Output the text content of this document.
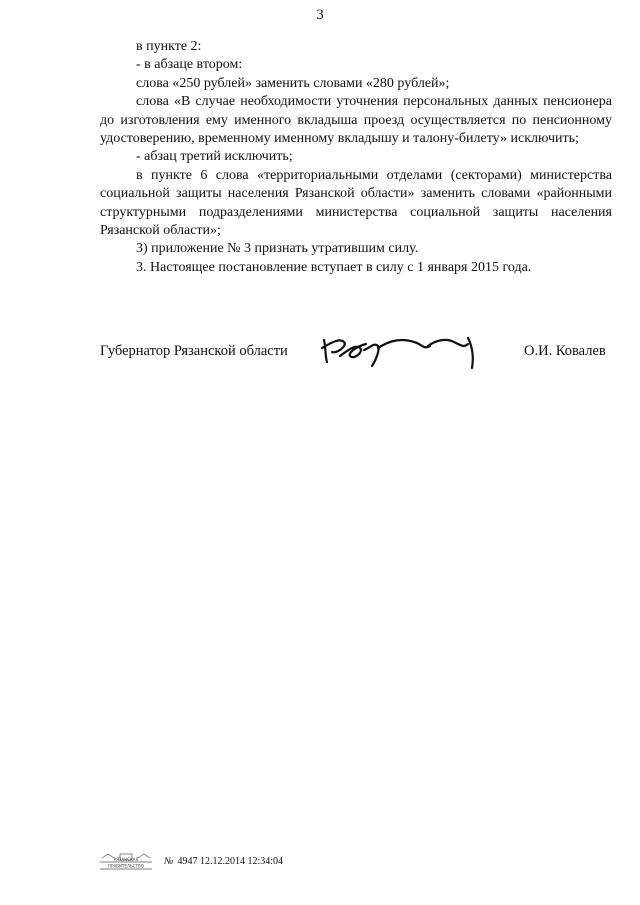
3

в пункте 2:

- в абзаце втором:

слова «250 рублей» заменить словами «280 рублей»;

слова «В случае необходимости уточнения персональных данных пенсионера до изготовления ему именного вкладыша проезд осуществляется по пенсионному удостоверению, временному именному вкладышу и талону-билету» исключить;

- абзац третий исключить;

в пункте 6 слова «территориальными отделами (секторами) министерства социальной защиты населения Рязанской области» заменить словами «районными структурными подразделениями министерства социальной защиты населения Рязанской области»;

3) приложение № 3 признать утратившим силу.

3. Настоящее постановление вступает в силу с 1 января 2015 года.

Губернатор Рязанской области	О.И. Ковалев
РЯЗАНСКАЯ
ПРАВИТЕЛЬСТВО № 4947 12.12.2014 12:34:04
